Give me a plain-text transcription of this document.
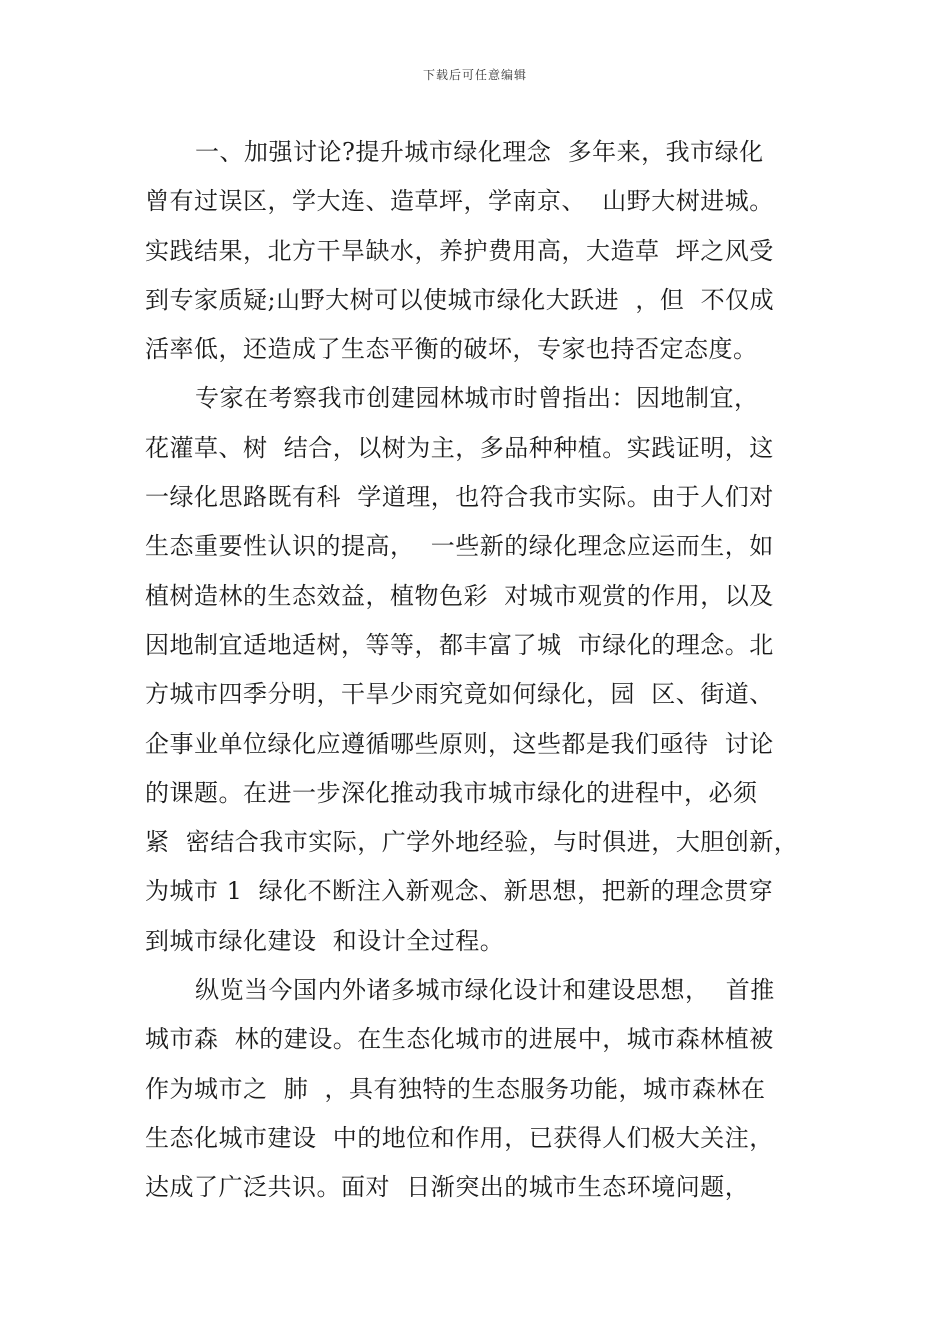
下载后可任意编辑
一、加强讨论?提升城市绿化理念  多年来，我市绿化
曾有过误区，学大连、造草坪，学南京、  山野大树进城。
实践结果，北方干旱缺水，养护费用高，大造草  坪之风受
到专家质疑;山野大树可以使城市绿化大跃进  ，但  不仅成
活率低，还造成了生态平衡的破坏，专家也持否定态度。
专家在考察我市创建园林城市时曾指出：因地制宜，
花灌草、树  结合，以树为主，多品种种植。实践证明，这
一绿化思路既有科  学道理，也符合我市实际。由于人们对
生态重要性认识的提高，  一些新的绿化理念应运而生，如
植树造林的生态效益，植物色彩  对城市观赏的作用，以及
因地制宜适地适树，等等，都丰富了城  市绿化的理念。北
方城市四季分明，干旱少雨究竟如何绿化，园  区、街道、
企事业单位绿化应遵循哪些原则，这些都是我们亟待  讨论
的课题。在进一步深化推动我市城市绿化的进程中，必须
紧  密结合我市实际，广学外地经验，与时俱进，大胆创新，
为城市 1  绿化不断注入新观念、新思想，把新的理念贯穿
到城市绿化建设  和设计全过程。
纵览当今国内外诸多城市绿化设计和建设思想，  首推
城市森  林的建设。在生态化城市的进展中，城市森林植被
作为城市之  肺  ，具有独特的生态服务功能，城市森林在
生态化城市建设  中的地位和作用，已获得人们极大关注，
达成了广泛共识。面对  日渐突出的城市生态环境问题，
